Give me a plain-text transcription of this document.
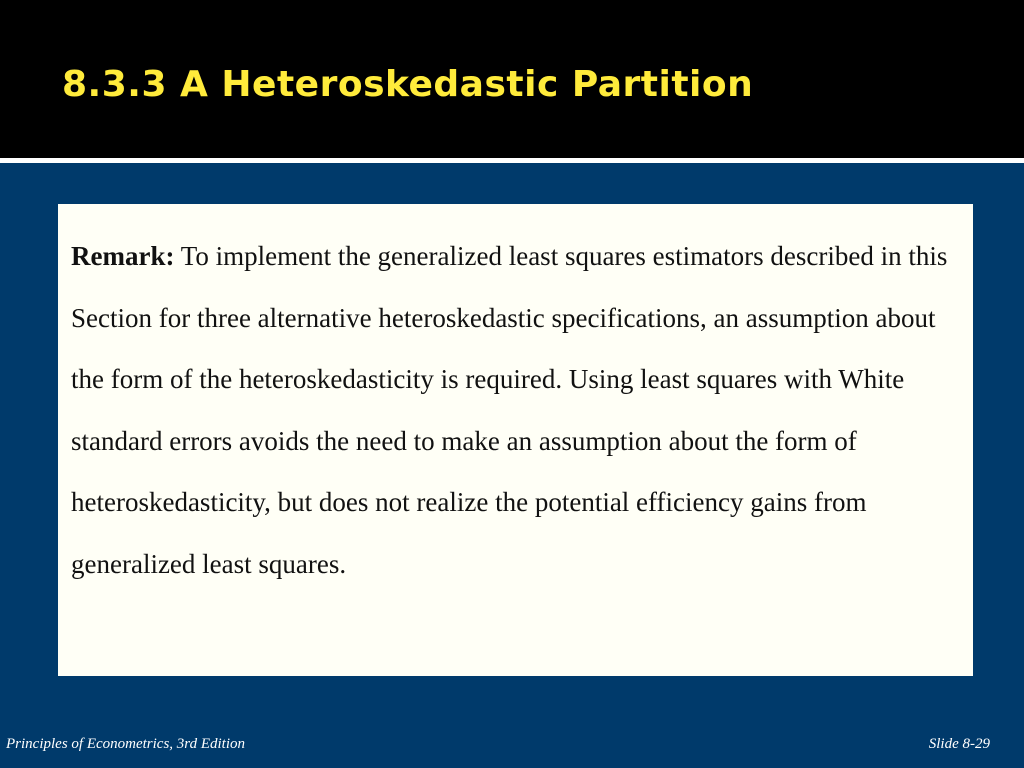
8.3.3 A Heteroskedastic Partition

Remark: To implement the generalized least squares estimators described in this Section for three alternative heteroskedastic specifications, an assumption about the form of the heteroskedasticity is required. Using least squares with White standard errors avoids the need to make an assumption about the form of heteroskedasticity, but does not realize the potential efficiency gains from generalized least squares.

Principles of Econometrics, 3rd Edition	Slide 8-29
